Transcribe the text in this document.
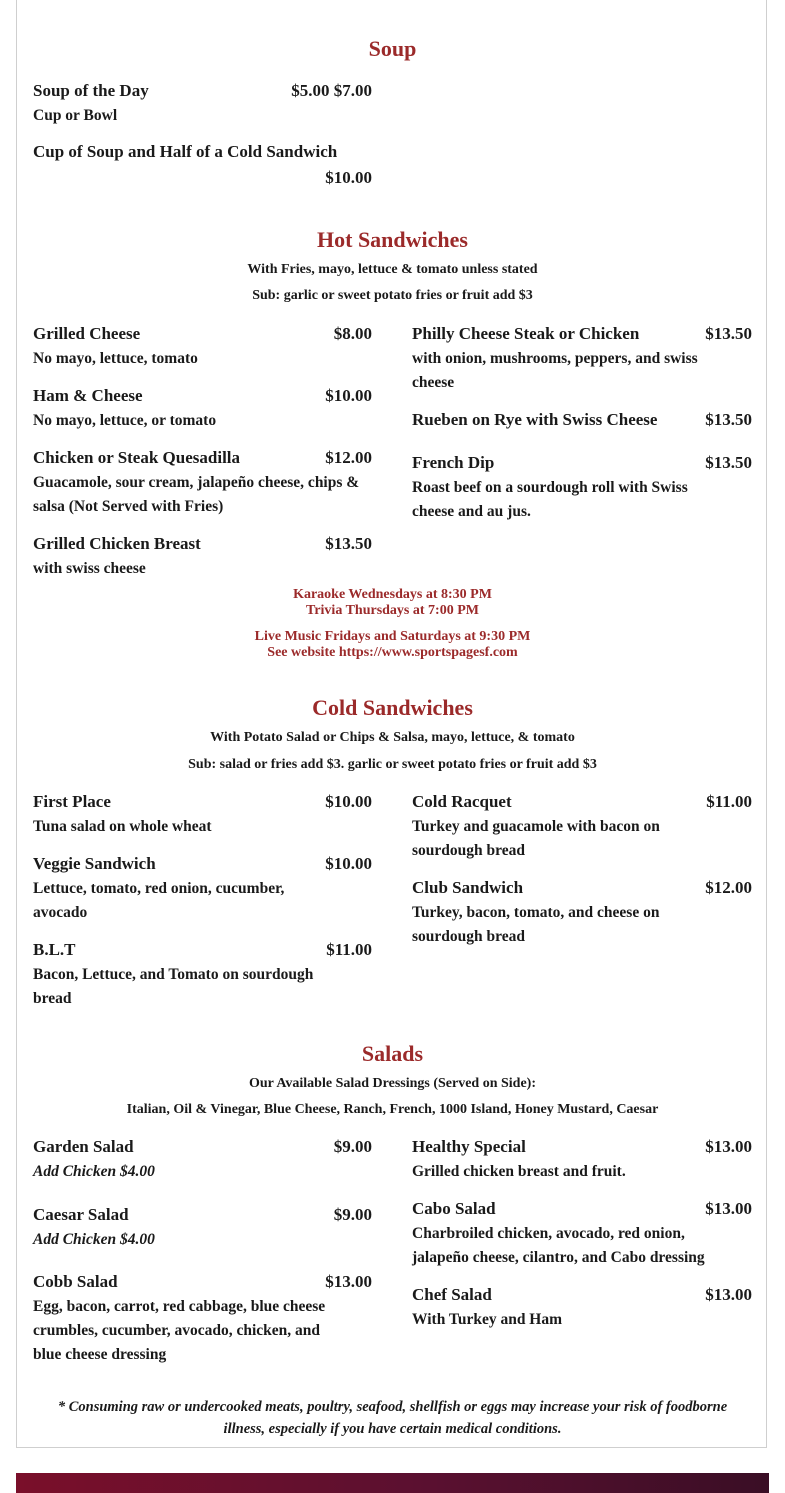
Soup
Soup of the Day	$5.00 $7.00
Cup or Bowl
Cup of Soup and Half of a Cold Sandwich
$10.00
Hot Sandwiches
With Fries, mayo, lettuce & tomato unless stated
Sub: garlic or sweet potato fries or fruit add $3
Grilled Cheese	$8.00
No mayo, lettuce, tomato
Ham & Cheese	$10.00
No mayo, lettuce, or tomato
Chicken or Steak Quesadilla	$12.00
Guacamole, sour cream, jalapeño cheese, chips & salsa (Not Served with Fries)
Grilled Chicken Breast	$13.50
with swiss cheese
Philly Cheese Steak or Chicken	$13.50
with onion, mushrooms, peppers, and swiss cheese
Rueben on Rye with Swiss Cheese	$13.50
French Dip	$13.50
Roast beef on a sourdough roll with Swiss cheese and au jus.
Karaoke Wednesdays at 8:30 PM
Trivia Thursdays at 7:00 PM
Live Music Fridays and Saturdays at 9:30 PM
See website https://www.sportspagesf.com
Cold Sandwiches
With Potato Salad or Chips & Salsa, mayo, lettuce, & tomato
Sub: salad or fries add $3. garlic or sweet potato fries or fruit add $3
First Place	$10.00
Tuna salad on whole wheat
Veggie Sandwich	$10.00
Lettuce, tomato, red onion, cucumber, avocado
B.L.T	$11.00
Bacon, Lettuce, and Tomato on sourdough bread
Cold Racquet	$11.00
Turkey and guacamole with bacon on sourdough bread
Club Sandwich	$12.00
Turkey, bacon, tomato, and cheese on sourdough bread
Salads
Our Available Salad Dressings (Served on Side):
Italian, Oil & Vinegar, Blue Cheese, Ranch, French, 1000 Island, Honey Mustard, Caesar
Garden Salad	$9.00
Add Chicken $4.00
Caesar Salad	$9.00
Add Chicken $4.00
Cobb Salad	$13.00
Egg, bacon, carrot, red cabbage, blue cheese crumbles, cucumber, avocado, chicken, and blue cheese dressing
Healthy Special	$13.00
Grilled chicken breast and fruit.
Cabo Salad	$13.00
Charbroiled chicken, avocado, red onion, jalapeño cheese, cilantro, and Cabo dressing
Chef Salad	$13.00
With Turkey and Ham
* Consuming raw or undercooked meats, poultry, seafood, shellfish or eggs may increase your risk of foodborne illness, especially if you have certain medical conditions.
